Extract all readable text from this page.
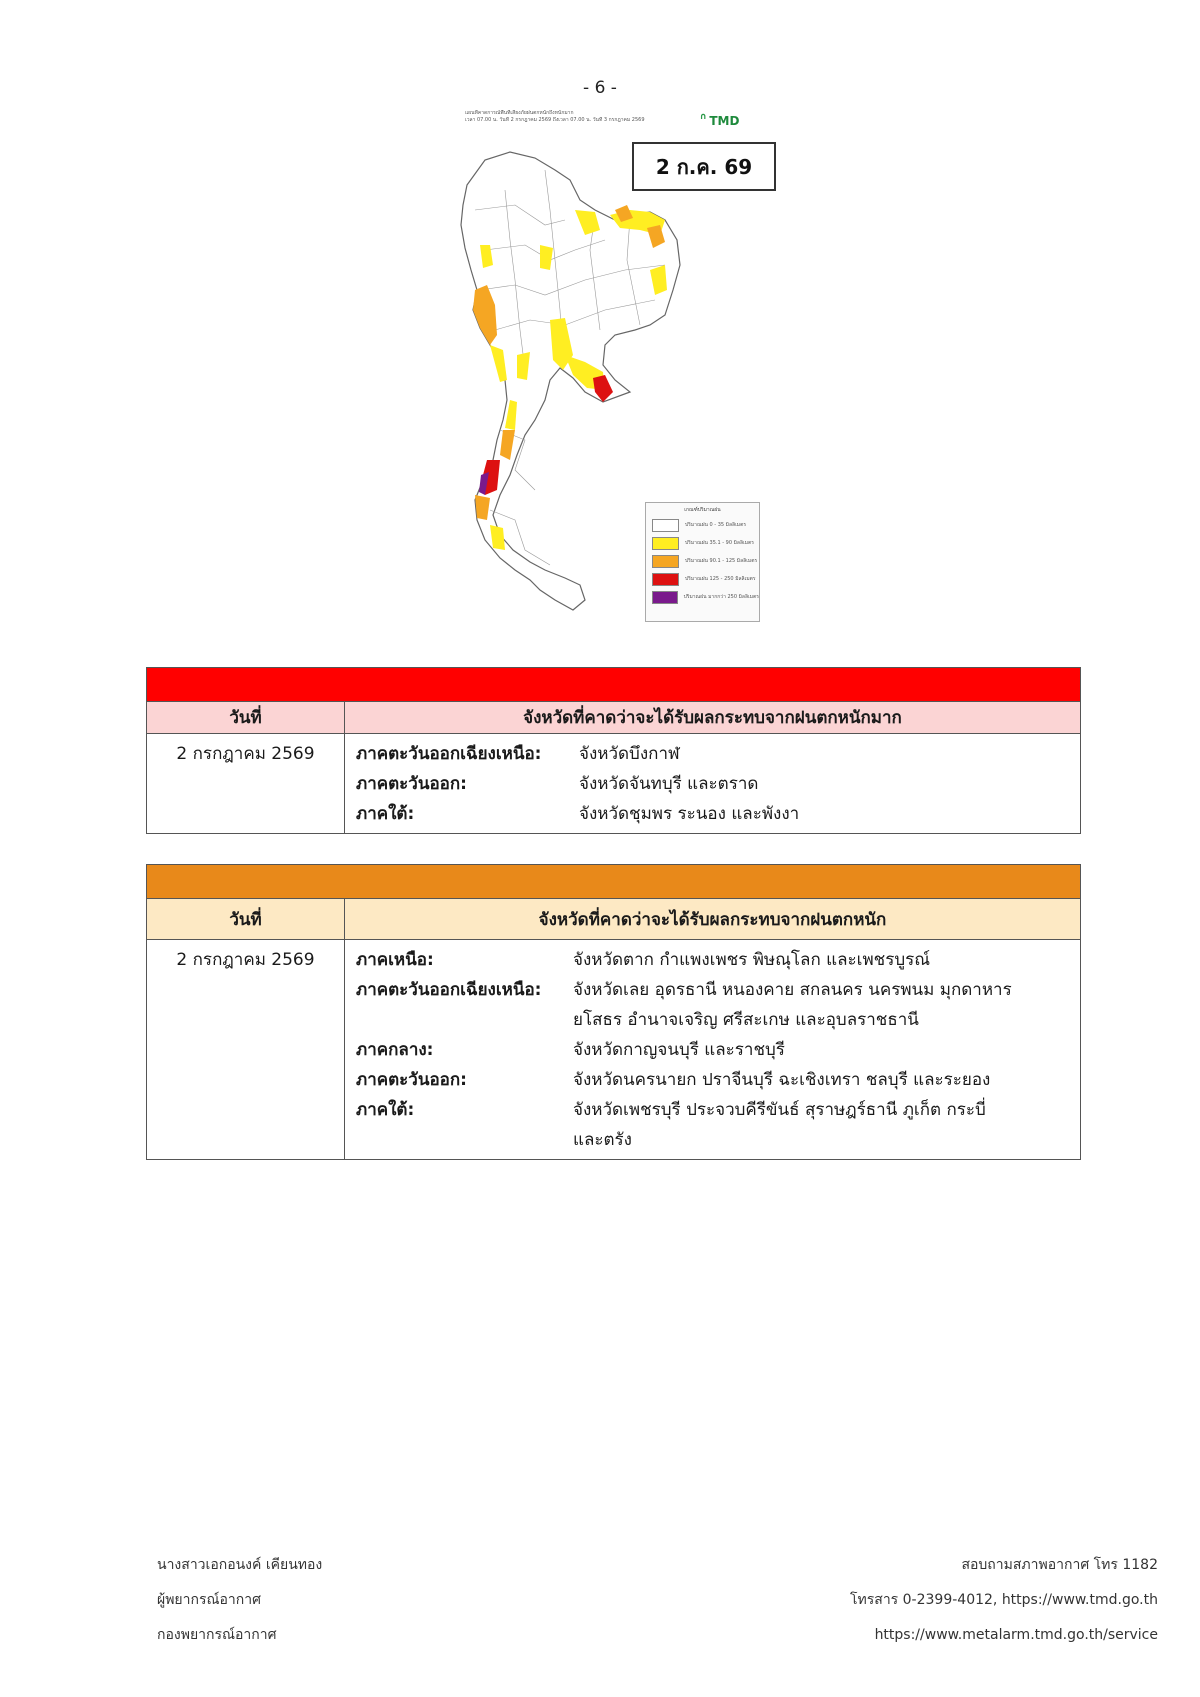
- 6 -
แผนที่คาดการณ์พื้นที่เสี่ยงภัยฝนตกหนักถึงหนักมาก
เวลา 07.00 น. วันที่ 2 กรกฎาคม 2569 ถึงเวลา 07.00 น. วันที่ 3 กรกฎาคม 2569	ᐢ TMD
2 ก.ค. 69
เกณฑ์ปริมาณฝน
ปริมาณฝน 0 - 35 มิลลิเมตร
ปริมาณฝน 35.1 - 90 มิลลิเมตร
ปริมาณฝน 90.1 - 125 มิลลิเมตร
ปริมาณฝน 125 - 250 มิลลิเมตร
ปริมาณฝน มากกว่า 250 มิลลิเมตร
วันที่	จังหวัดที่คาดว่าจะได้รับผลกระทบจากฝนตกหนักมาก
2 กรกฎาคม 2569	ภาคตะวันออกเฉียงเหนือ:	จังหวัดบึงกาฬ
ภาคตะวันออก:	จังหวัดจันทบุรี และตราด
ภาคใต้:	จังหวัดชุมพร ระนอง และพังงา
วันที่	จังหวัดที่คาดว่าจะได้รับผลกระทบจากฝนตกหนัก
2 กรกฎาคม 2569	ภาคเหนือ:	จังหวัดตาก กำแพงเพชร พิษณุโลก และเพชรบูรณ์
ภาคตะวันออกเฉียงเหนือ:	จังหวัดเลย อุดรธานี หนองคาย สกลนคร นครพนม มุกดาหาร
ยโสธร อำนาจเจริญ ศรีสะเกษ และอุบลราชธานี
ภาคกลาง:	จังหวัดกาญจนบุรี และราชบุรี
ภาคตะวันออก:	จังหวัดนครนายก ปราจีนบุรี ฉะเชิงเทรา ชลบุรี และระยอง
ภาคใต้:	จังหวัดเพชรบุรี ประจวบคีรีขันธ์ สุราษฎร์ธานี ภูเก็ต กระบี่
และตรัง
นางสาวเอกอนงค์ เคียนทอง
ผู้พยากรณ์อากาศ
กองพยากรณ์อากาศ
สอบถามสภาพอากาศ โทร 1182
โทรสาร 0-2399-4012, https://www.tmd.go.th
https://www.metalarm.tmd.go.th/service
